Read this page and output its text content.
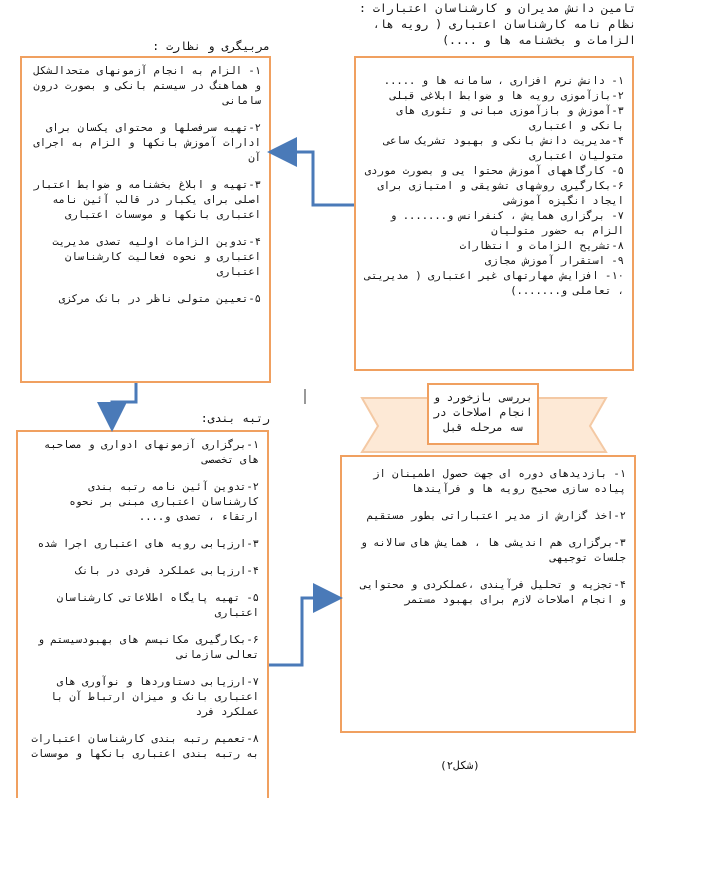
تامین دانش مدیران و کارشناسان اعتبارات :
نظام نامه کارشناسان اعتباری ( رویه ها،
الزامات و بخشنامه ها و ....)
مربیگری و نظارت :
رتبه بندی:

۱- دانش نرم افزاری ، سامانه ها و .....

۲-بازآموزی رویه ها و ضوابط ابلاغی قبلی

۳-آموزش و بازآموزی مبانی و تئوری های بانکی و اعتباری

۴-مدیریت دانش بانکی و بهبود تشریک ساعی متولیان اعتباری

۵- کارگاههای آموزش محتوا یی و بصورت موردی

۶-بکارگیری روشهای تشویقی و امتیازی برای ایجاد انگیزه آموزشی

۷- برگزاری همایش ، کنفرانس و....... و الزام به حضور متولیان

۸-تشریح الزامات و انتظارات

۹- استقرار آموزش مجازی

۱۰- افزایش مهارتهای غیر اعتباری ( مدیریتی ، تعاملی و.......)

۱- الزام به انجام آزمونهای متحدالشکل و هماهنگ در سیستم بانکی و بصورت درون سامانی

۲-تهیه سرفصلها و محتوای یکسان برای ادارات آموزش بانکها و الزام به اجرای آن

۳-تهیه و ابلاغ بخشنامه و ضوابط اعتبار اصلی برای یکبار در قالب آئین نامه اعتباری بانکها و موسسات اعتباری

۴-تدوین الزامات اولیه تصدی مدیریت اعتباری و نحوه فعالیت کارشناسان اعتباری

۵-تعیین متولی ناظر در بانک مرکزی

۱-برگزاری آزمونهای ادواری و مصاحبه های تخصصی

۲-تدوین آئین نامه رتبه بندی کارشناسان اعتباری مبنی بر نحوه ارتقاء ، تصدی و....

۳-ارزیابی رویه های اعتباری اجرا شده

۴-ارزیابی عملکرد فردی در بانک

۵- تهیه پایگاه اطلاعاتی کارشناسان اعتباری

۶-بکارگیری مکانیسم های بهبودسیستم و تعالی سازمانی

۷-ارزیابی دستاوردها و نوآوری های اعتباری بانک و میزان ارتباط آن با عملکرد فرد

۸-تعمیم رتبه بندی کارشناسان اعتبارات به رتبه بندی اعتباری بانکها و موسسات

۱- بازدیدهای دوره ای جهت حصول اطمینان از پیاده سازی صحیح رویه ها و فرآیندها

۲-اخذ گزارش از مدیر اعتباراتی بطور مستقیم

۳-برگزاری هم اندیشی ها ، همایش های سالانه و جلسات توجیهی

۴-تجزیه و تحلیل فرآیندی ،عملکردی و محتوایی و انجام اصلاحات لازم برای بهبود مستمر

بررسی بازخورد و
انجام اصلاحات در
سه مرحله قبل
(شکل۲)
